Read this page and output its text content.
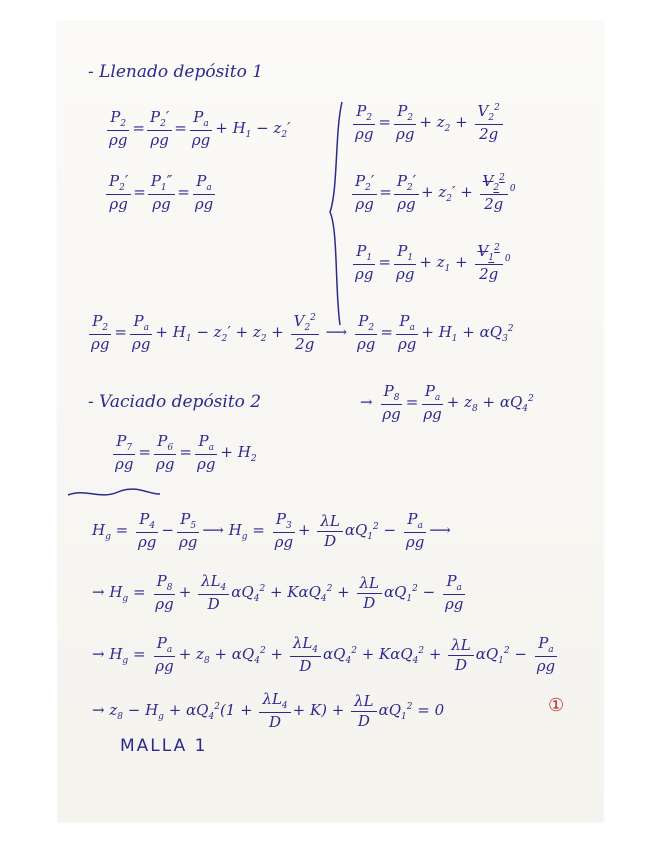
- Llenado depósito 1
$\frac{P_2}{\rho g} = \frac{P_2'}{\rho g} = \frac{P_a}{\rho g} + H_1 - z_2'$
$\frac{P_2'}{\rho g} = \frac{P_1''}{\rho g} = \frac{P_a}{\rho g}$
$\frac{P_2}{\rho g} = \frac{P_2}{\rho g} + z_2 + \frac{V_2^2}{2g}$
$\frac{P_2'}{\rho g} = \frac{P_2'}{\rho g} + z_2' + \frac{V_2^2}{2g} ^0$
$\frac{P_1}{\rho g} = \frac{P_1}{\rho g} + z_1 + \frac{V_1^2}{2g} ^0$
$\frac{P_2}{\rho g} = \frac{P_a}{\rho g} + H_1 - z_2' + z_2 + \frac{V_2^2}{2g}$ ⟶ $\frac{P_2}{\rho g} = \frac{P_a}{\rho g} + H_1 + \alpha Q_3^2$
- Vaciado depósito 2	→ $\frac{P_8}{\rho g} = \frac{P_a}{\rho g} + z_8 + \alpha Q_4^2$
$\frac{P_7}{\rho g} = \frac{P_6}{\rho g} = \frac{P_a}{\rho g} + H_2$
$H_g = \frac{P_4}{\rho g} - \frac{P_5}{\rho g}$ ⟶ $H_g = \frac{P_3}{\rho g} + \frac{\lambda L}{D} \alpha Q_1^2 - \frac{P_a}{\rho g}$ ⟶
→ $H_g = \frac{P_8}{\rho g} + \frac{\lambda L_4}{D} \alpha Q_4^2 + K\alpha Q_4^2 + \frac{\lambda L}{D} \alpha Q_1^2 - \frac{P_a}{\rho g}$
→ $H_g = \frac{P_a}{\rho g} + z_8 + \alpha Q_4^2 + \frac{\lambda L_4}{D} \alpha Q_4^2 + K\alpha Q_4^2 + \frac{\lambda L}{D} \alpha Q_1^2 - \frac{P_a}{\rho g}$
→ $z_8 - H_g + \alpha Q_4^2(1 + \frac{\lambda L_4}{D} + K) + \frac{\lambda L}{D} \alpha Q_1^2 = 0$	①
MALLA 1
